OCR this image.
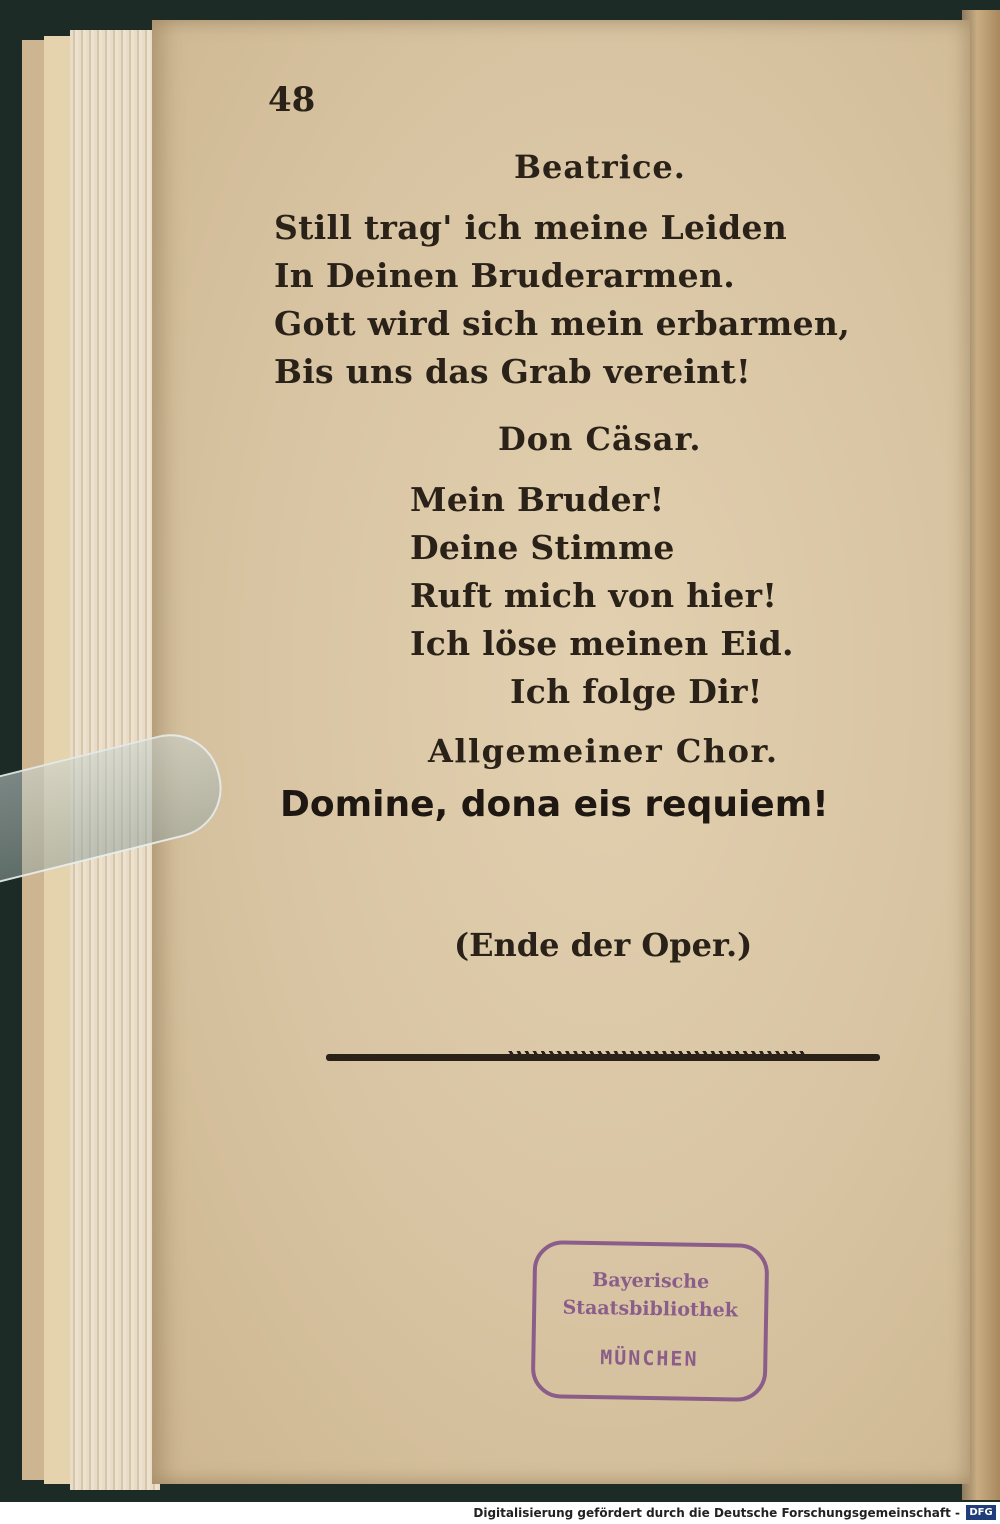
48
Beatrice.
Still trag' ich meine Leiden
In Deinen Bruderarmen.
Gott wird sich mein erbarmen,
Bis uns das Grab vereint!
Don Cäsar.
Mein Bruder!
Deine Stimme
Ruft mich von hier!
Ich löse meinen Eid.
Ich folge Dir!
Allgemeiner Chor.
Domine, dona eis requiem!
(Ende der Oper.)
Bayerische
Staatsbibliothek
MÜNCHEN
Digitalisierung gefördert durch die Deutsche Forschungsgemeinschaft - DFG
